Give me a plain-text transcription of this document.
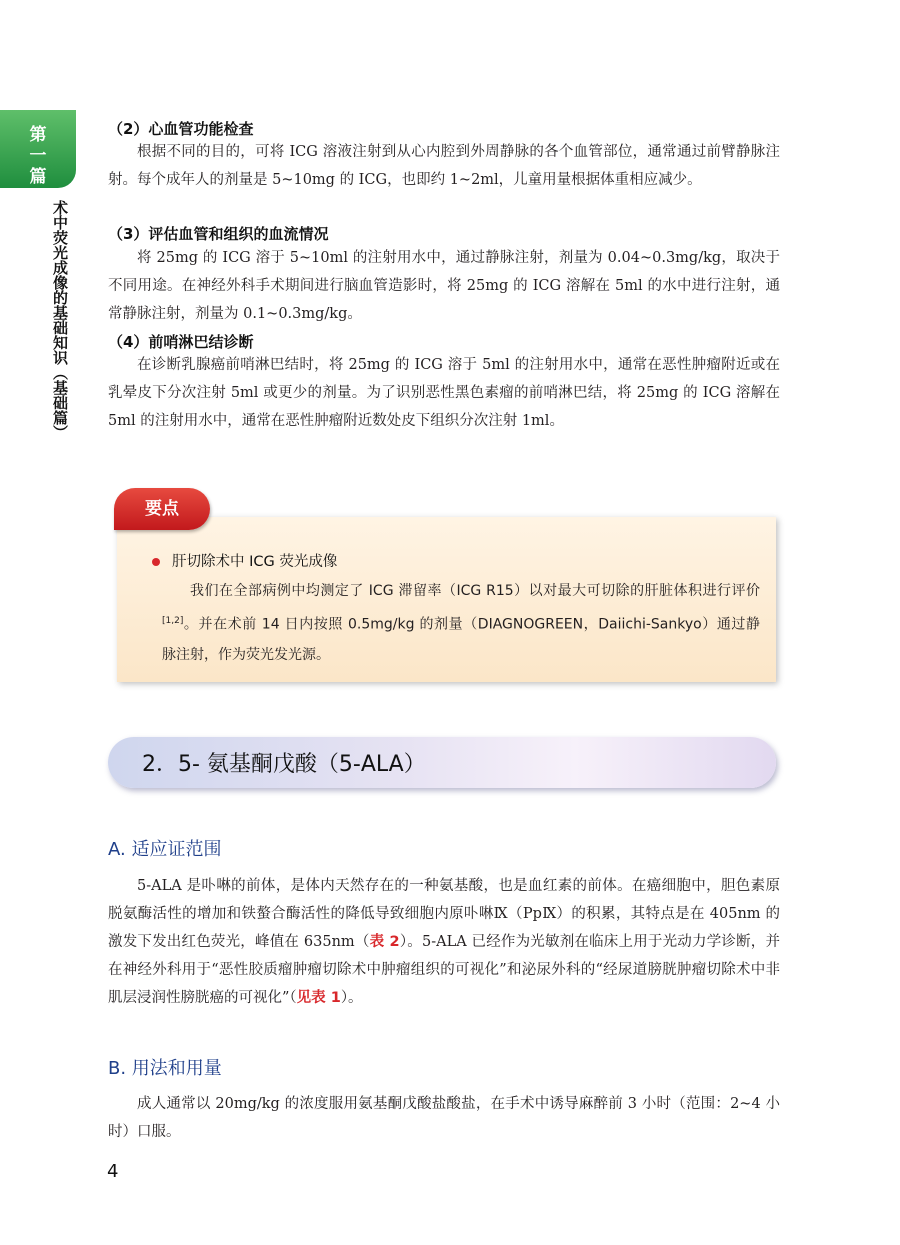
第
一
篇
术中荧光成像的基础知识（基础篇）
（2）心血管功能检查

根据不同的目的，可将 ICG 溶液注射到从心内腔到外周静脉的各个血管部位，通常通过前臂静脉注射。每个成年人的剂量是 5~10mg 的 ICG，也即约 1~2ml，儿童用量根据体重相应减少。

（3）评估血管和组织的血流情况

将 25mg 的 ICG 溶于 5~10ml 的注射用水中，通过静脉注射，剂量为 0.04~0.3mg/kg，取决于不同用途。在神经外科手术期间进行脑血管造影时，将 25mg 的 ICG 溶解在 5ml 的水中进行注射，通常静脉注射，剂量为 0.1~0.3mg/kg。

（4）前哨淋巴结诊断

在诊断乳腺癌前哨淋巴结时，将 25mg 的 ICG 溶于 5ml 的注射用水中，通常在恶性肿瘤附近或在乳晕皮下分次注射 5ml 或更少的剂量。为了识别恶性黑色素瘤的前哨淋巴结，将 25mg 的 ICG 溶解在 5ml 的注射用水中，通常在恶性肿瘤附近数处皮下组织分次注射 1ml。

要点
肝切除术中 ICG 荧光成像

我们在全部病例中均测定了 ICG 滞留率（ICG R15）以对最大可切除的肝脏体积进行评价[1,2]。并在术前 14 日内按照 0.5mg/kg 的剂量（DIAGNOGREEN，Daiichi-Sankyo）通过静脉注射，作为荧光发光源。

2．5- 氨基酮戊酸（5-ALA）
A. 适应证范围

5-ALA 是卟啉的前体，是体内天然存在的一种氨基酸，也是血红素的前体。在癌细胞中，胆色素原脱氨酶活性的增加和铁螯合酶活性的降低导致细胞内原卟啉Ⅸ（PpⅨ）的积累，其特点是在 405nm 的激发下发出红色荧光，峰值在 635nm（表 2）。5-ALA 已经作为光敏剂在临床上用于光动力学诊断，并在神经外科用于“恶性胶质瘤肿瘤切除术中肿瘤组织的可视化”和泌尿外科的“经尿道膀胱肿瘤切除术中非肌层浸润性膀胱癌的可视化”（见表 1）。

B. 用法和用量

成人通常以 20mg/kg 的浓度服用氨基酮戊酸盐酸盐，在手术中诱导麻醉前 3 小时（范围：2~4 小时）口服。

4
